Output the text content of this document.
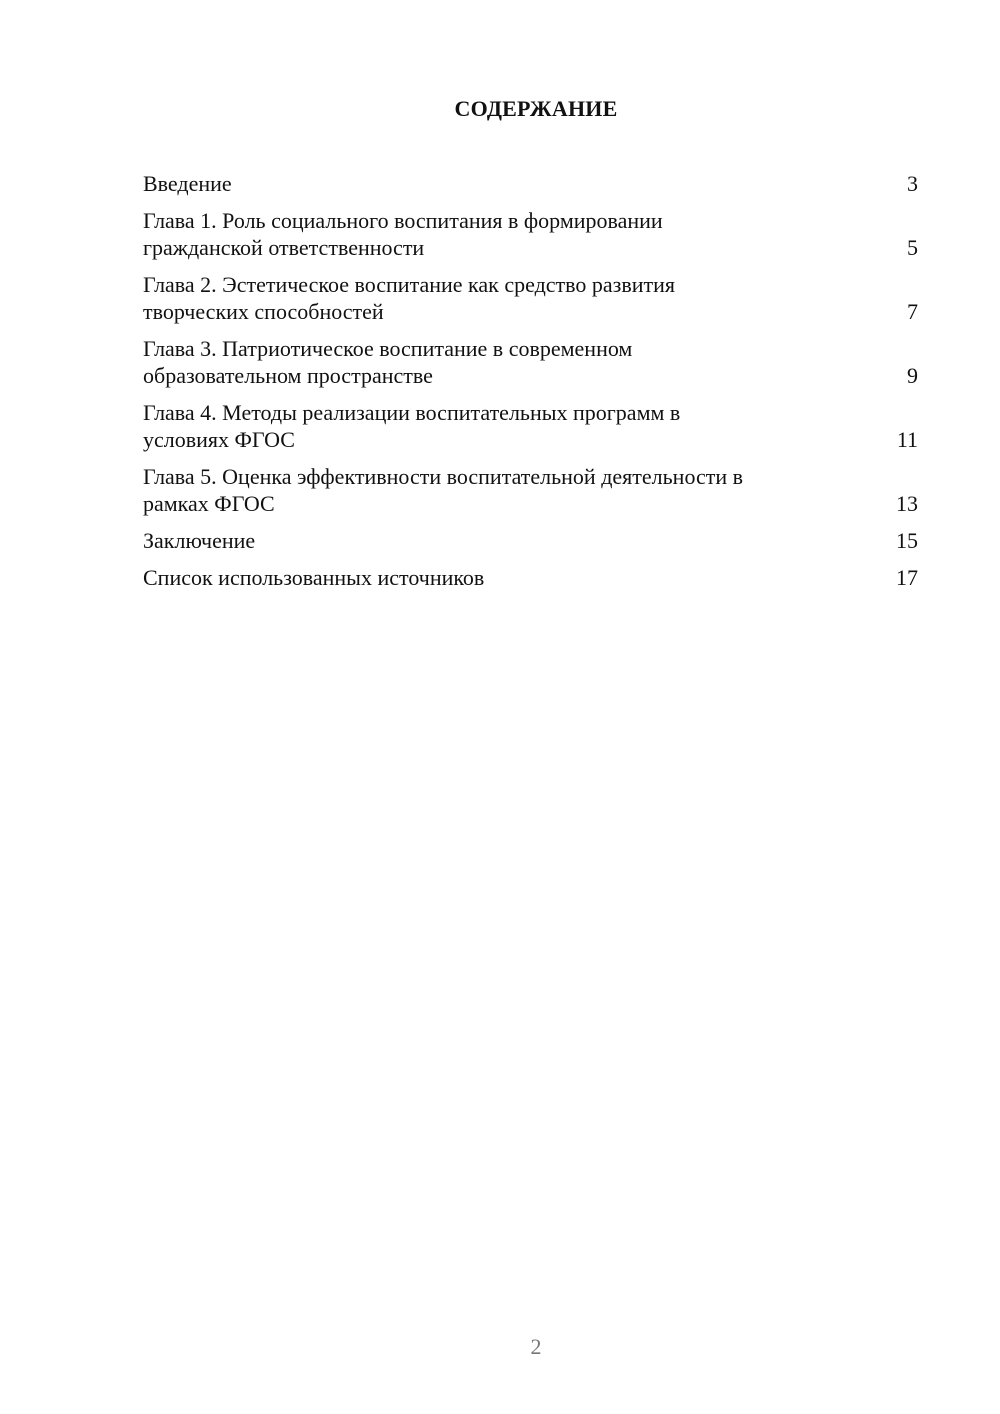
СОДЕРЖАНИЕ
Введение	3
Глава 1. Роль социального воспитания в формировании
гражданской ответственности	5
Глава 2. Эстетическое воспитание как средство развития
творческих способностей	7
Глава 3. Патриотическое воспитание в современном
образовательном пространстве	9
Глава 4. Методы реализации воспитательных программ в
условиях ФГОС	11
Глава 5. Оценка эффективности воспитательной деятельности в
рамках ФГОС	13
Заключение	15
Список использованных источников	17
2
